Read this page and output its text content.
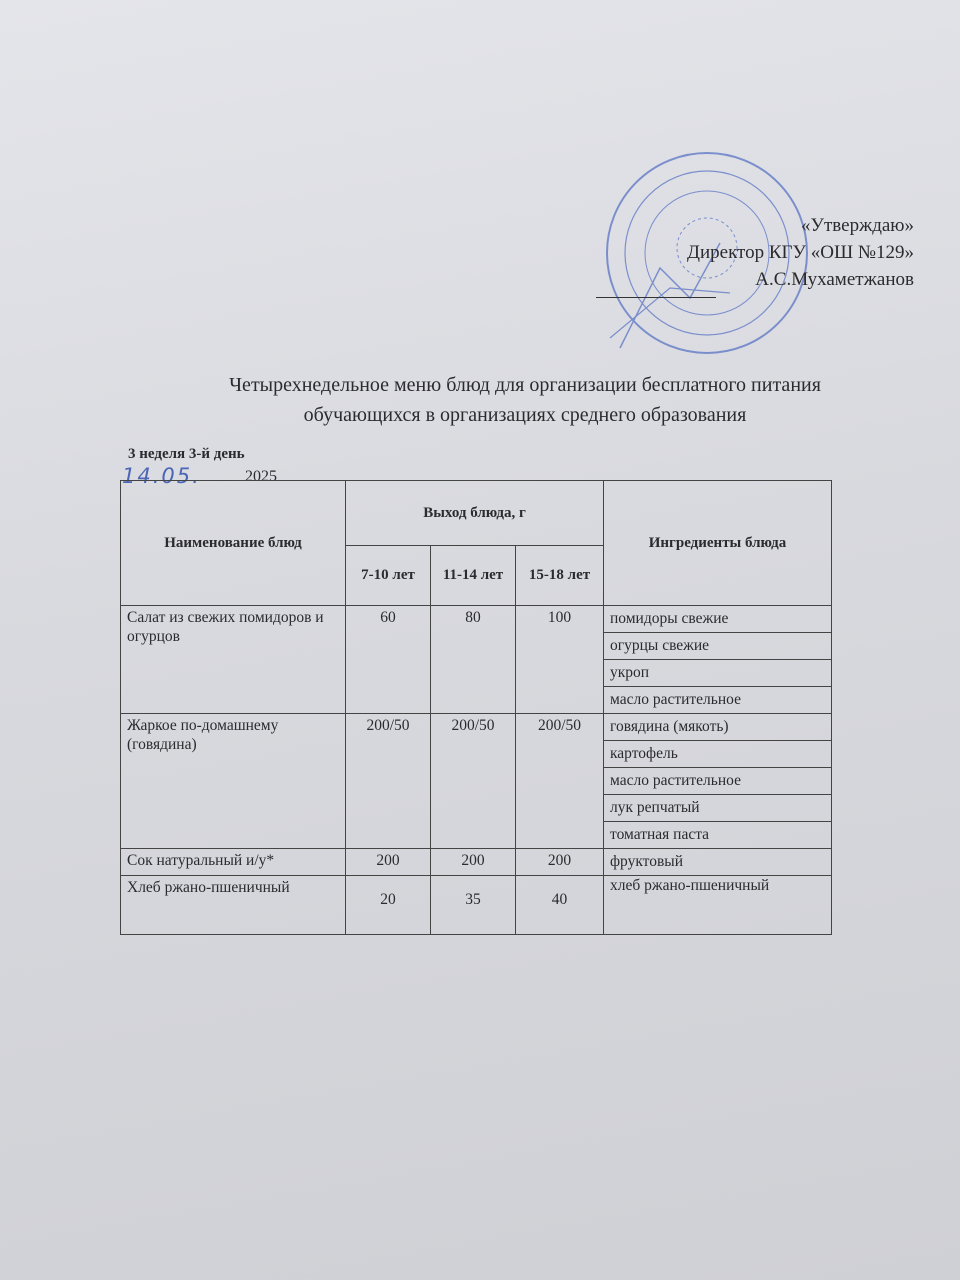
«Утверждаю»
Директор КГУ «ОШ №129»
А.С.Мухаметжанов
Четырехнедельное меню блюд для организации бесплатного питания
обучающихся в организациях среднего образования
3 неделя 3-й день
14.05.	2025
Наименование блюд	Выход блюда, г			Ингредиенты блюда
	7-10 лет	11-14 лет	15-18 лет	
Салат из свежих помидоров и огурцов	60	80	100	помидоры свежие
				огурцы свежие
				укроп
				масло растительное
Жаркое по-домашнему (говядина)	200/50	200/50	200/50	говядина (мякоть)
				картофель
				масло растительное
				лук репчатый
				томатная паста
Сок натуральный и/у*	200	200	200	фруктовый
Хлеб ржано-пшеничный	20	35	40	хлеб ржано-пшеничный
